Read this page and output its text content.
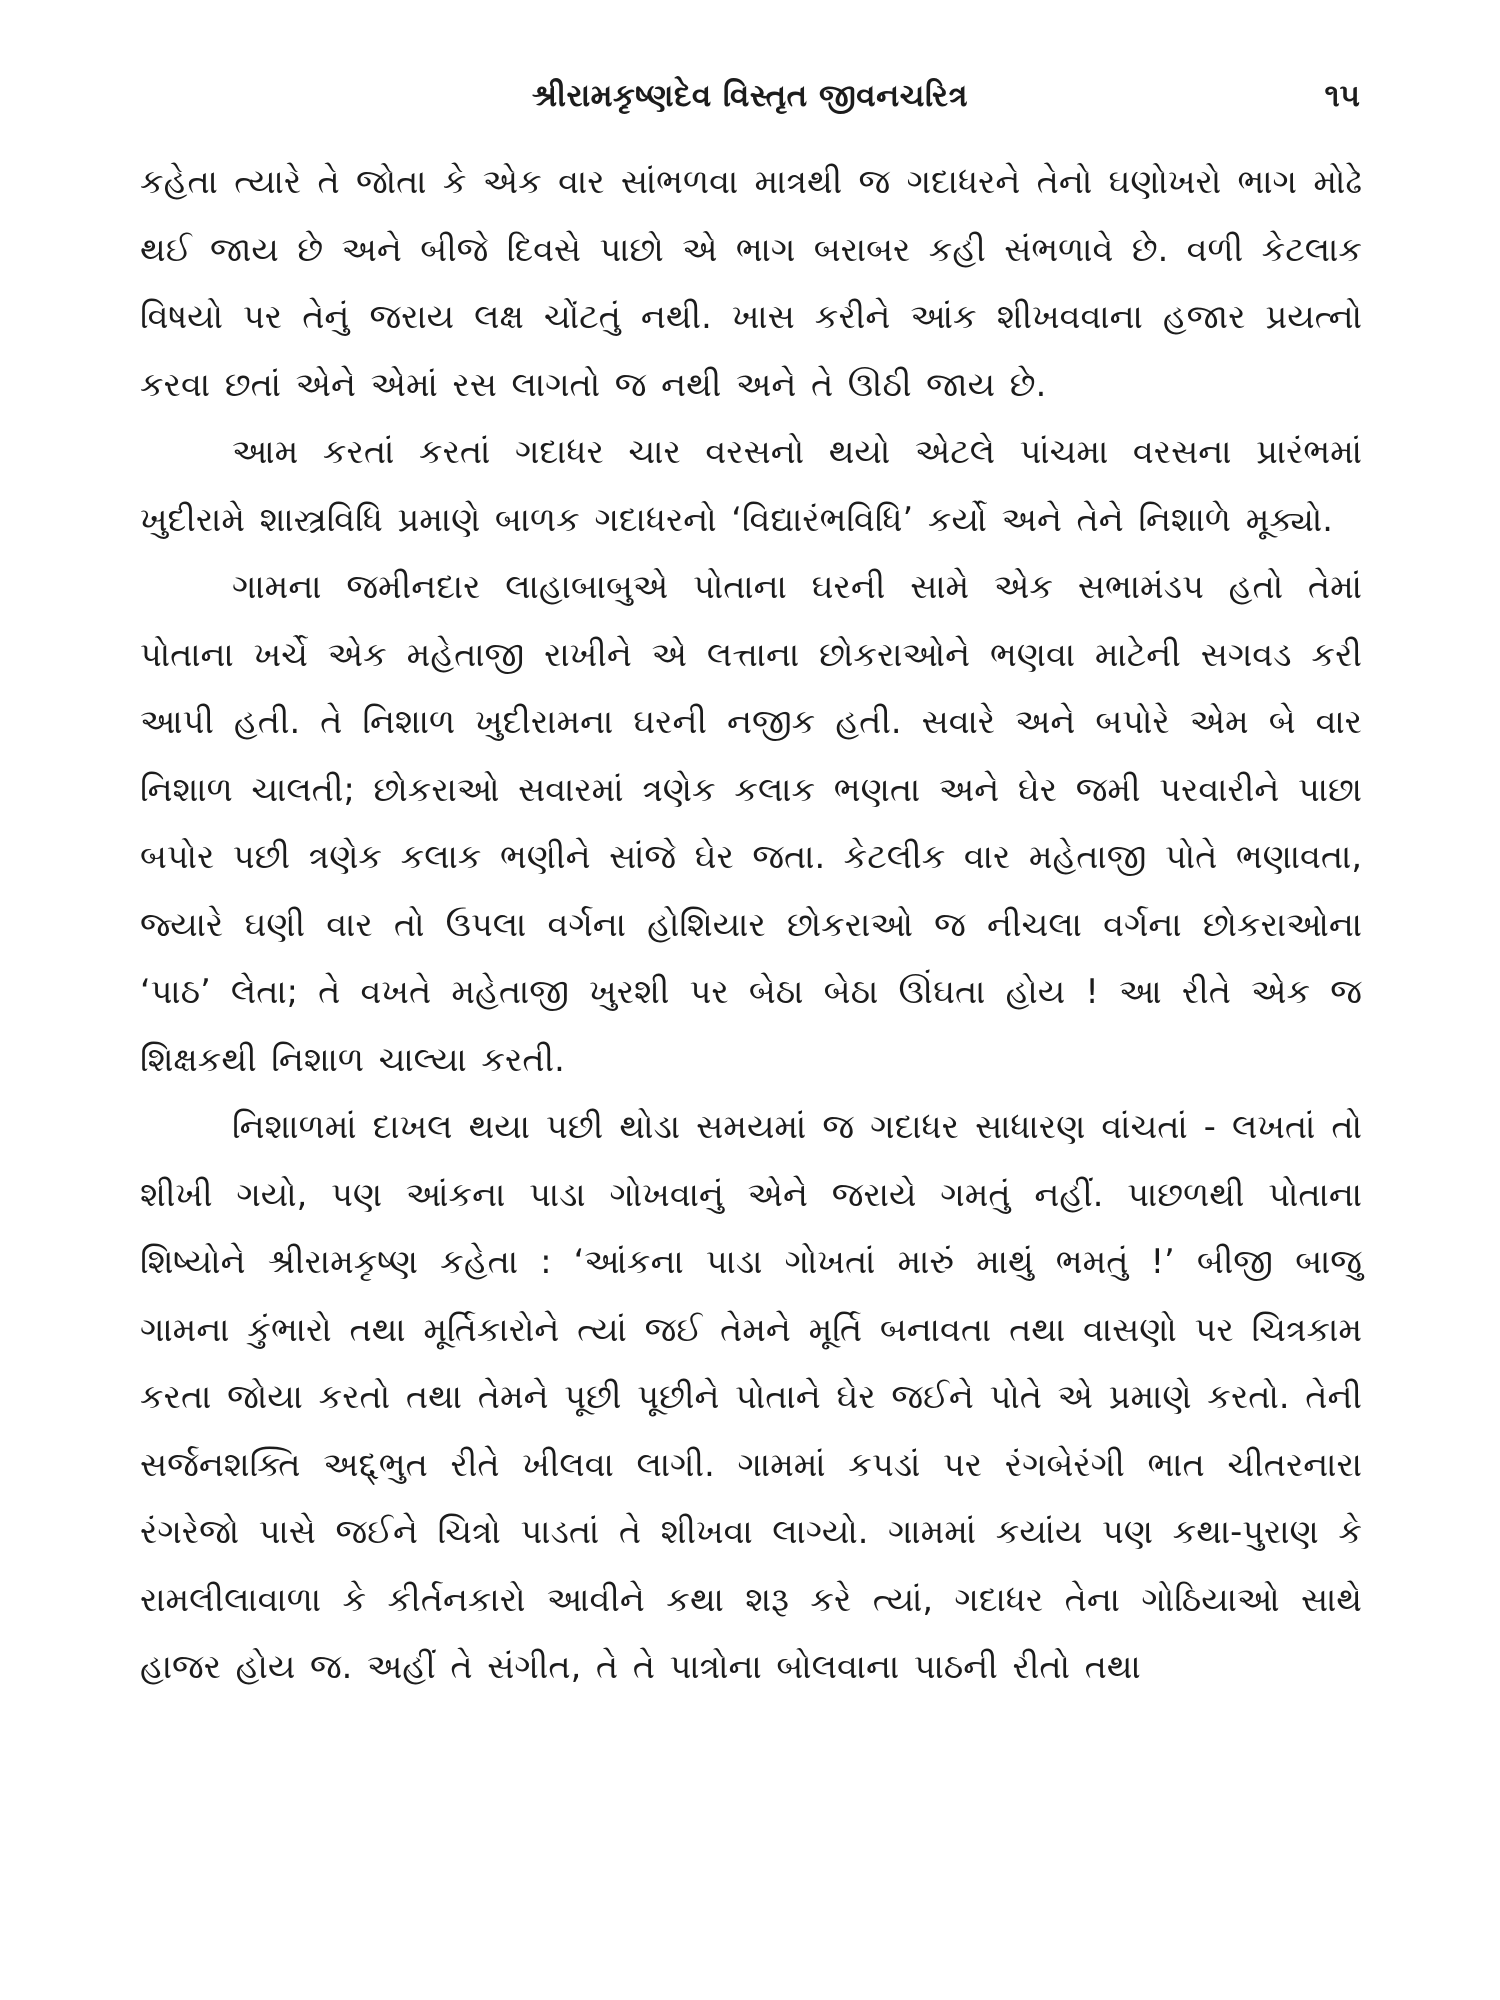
શ્રીરામકૃષ્ણદેવ વિસ્તૃત જીવનચરિત્ર	૧૫

કહેતા ત્યારે તે જોતા કે એક વાર સાંભળવા માત્રથી જ ગદાધરને તેનો ઘણોખરો ભાગ મોઢે થઈ જાય છે અને બીજે દિવસે પાછો એ ભાગ બરાબર કહી સંભળાવે છે. વળી કેટલાક વિષયો પર તેનું જરાય લક્ષ ચોંટતું નથી. ખાસ કરીને આંક શીખવવાના હજાર પ્રયત્નો કરવા છતાં એને એમાં રસ લાગતો જ નથી અને તે ઊઠી જાય છે.

આમ કરતાં કરતાં ગદાધર ચાર વરસનો થયો એટલે પાંચમા વરસના પ્રારંભમાં ખુદીરામે શાસ્ત્રવિધિ પ્રમાણે બાળક ગદાધરનો ‘વિદ્યારંભવિધિ’ કર્યો અને તેને નિશાળે મૂક્યો.

ગામના જમીનદાર લાહાબાબુએ પોતાના ઘરની સામે એક સભામંડપ હતો તેમાં પોતાના ખર્ચે એક મહેતાજી રાખીને એ લત્તાના છોકરાઓને ભણવા માટેની સગવડ કરી આપી હતી. તે નિશાળ ખુદીરામના ઘરની નજીક હતી. સવારે અને બપોરે એમ બે વાર નિશાળ ચાલતી; છોકરાઓ સવારમાં ત્રણેક કલાક ભણતા અને ઘેર જમી પરવારીને પાછા બપોર પછી ત્રણેક કલાક ભણીને સાંજે ઘેર જતા. કેટલીક વાર મહેતાજી પોતે ભણાવતા, જ્યારે ઘણી વાર તો ઉપલા વર્ગના હોશિયાર છોકરાઓ જ નીચલા વર્ગના છોકરાઓના ‘પાઠ’ લેતા; તે વખતે મહેતાજી ખુરશી પર બેઠા બેઠા ઊંઘતા હોય ! આ રીતે એક જ શિક્ષકથી નિશાળ ચાલ્યા કરતી.

નિશાળમાં દાખલ થયા પછી થોડા સમયમાં જ ગદાધર સાધારણ વાંચતાં - લખતાં તો શીખી ગયો, પણ આંકના પાડા ગોખવાનું એને જરાયે ગમતું નહીં. પાછળથી પોતાના શિષ્યોને શ્રીરામકૃષ્ણ કહેતા : ‘આંકના પાડા ગોખતાં મારું માથું ભમતું !’ બીજી બાજુ ગામના કુંભારો તથા મૂર્તિકારોને ત્યાં જઈ તેમને મૂર્તિ બનાવતા તથા વાસણો પર ચિત્રકામ કરતા જોયા કરતો તથા તેમને પૂછી પૂછીને પોતાને ઘેર જઈને પોતે એ પ્રમાણે કરતો. તેની સર્જનશક્તિ અદ્દ્ભુત રીતે ખીલવા લાગી. ગામમાં કપડાં પર રંગબેરંગી ભાત ચીતરનારા રંગરેજો પાસે જઈને ચિત્રો પાડતાં તે શીખવા લાગ્યો. ગામમાં કયાંય પણ કથા-પુરાણ કે રામલીલાવાળા કે કીર્તનકારો આવીને કથા શરૂ કરે ત્યાં, ગદાધર તેના ગોઠિયાઓ સાથે હાજર હોય જ. અહીં તે સંગીત, તે તે પાત્રોના બોલવાના પાઠની રીતો તથા
